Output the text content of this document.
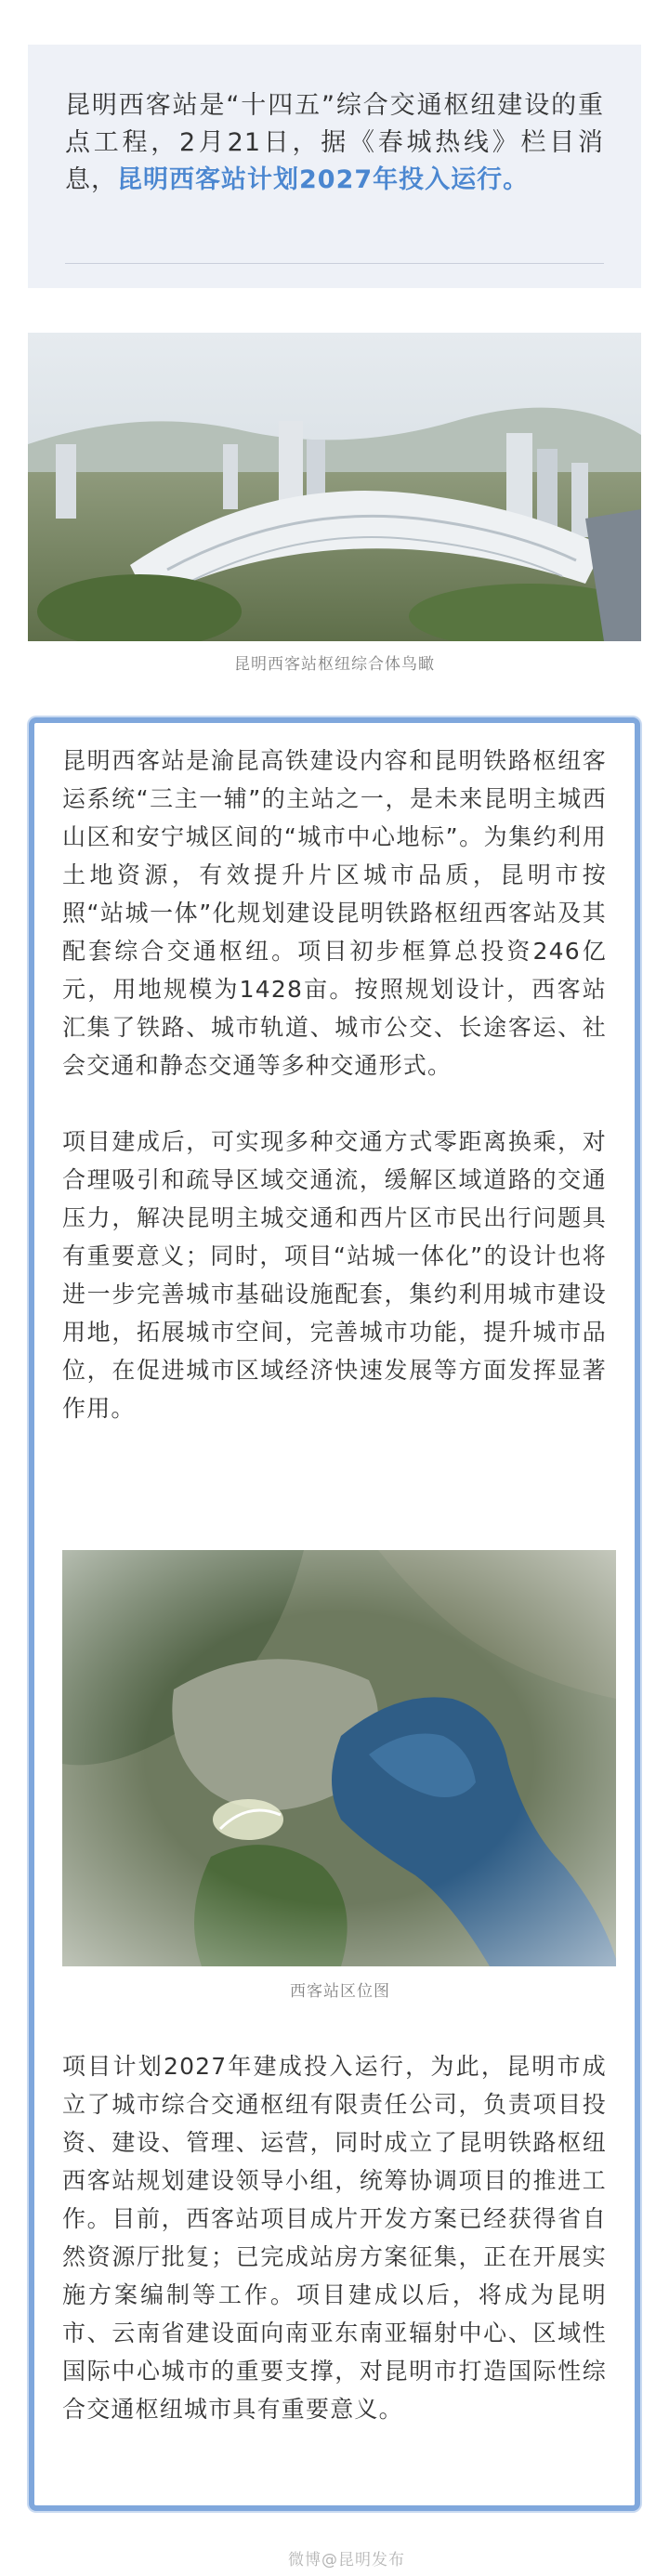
昆明西客站是“十四五”综合交通枢纽建设的重点工程，2月21日，据《春城热线》栏目消息，昆明西客站计划2027年投入运行。

昆明西客站枢纽综合体鸟瞰

昆明西客站是渝昆高铁建设内容和昆明铁路枢纽客运系统“三主一辅”的主站之一，是未来昆明主城西山区和安宁城区间的“城市中心地标”。为集约利用土地资源，有效提升片区城市品质，昆明市按照“站城一体”化规划建设昆明铁路枢纽西客站及其配套综合交通枢纽。项目初步框算总投资246亿元，用地规模为1428亩。按照规划设计，西客站汇集了铁路、城市轨道、城市公交、长途客运、社会交通和静态交通等多种交通形式。

项目建成后，可实现多种交通方式零距离换乘，对合理吸引和疏导区域交通流，缓解区域道路的交通压力，解决昆明主城交通和西片区市民出行问题具有重要意义；同时，项目“站城一体化”的设计也将进一步完善城市基础设施配套，集约利用城市建设用地，拓展城市空间，完善城市功能，提升城市品位，在促进城市区域经济快速发展等方面发挥显著作用。

西客站区位图

项目计划2027年建成投入运行，为此，昆明市成立了城市综合交通枢纽有限责任公司，负责项目投资、建设、管理、运营，同时成立了昆明铁路枢纽西客站规划建设领导小组，统筹协调项目的推进工作。目前，西客站项目成片开发方案已经获得省自然资源厅批复；已完成站房方案征集，正在开展实施方案编制等工作。项目建成以后，将成为昆明市、云南省建设面向南亚东南亚辐射中心、区域性国际中心城市的重要支撑，对昆明市打造国际性综合交通枢纽城市具有重要意义。

微博@昆明发布
